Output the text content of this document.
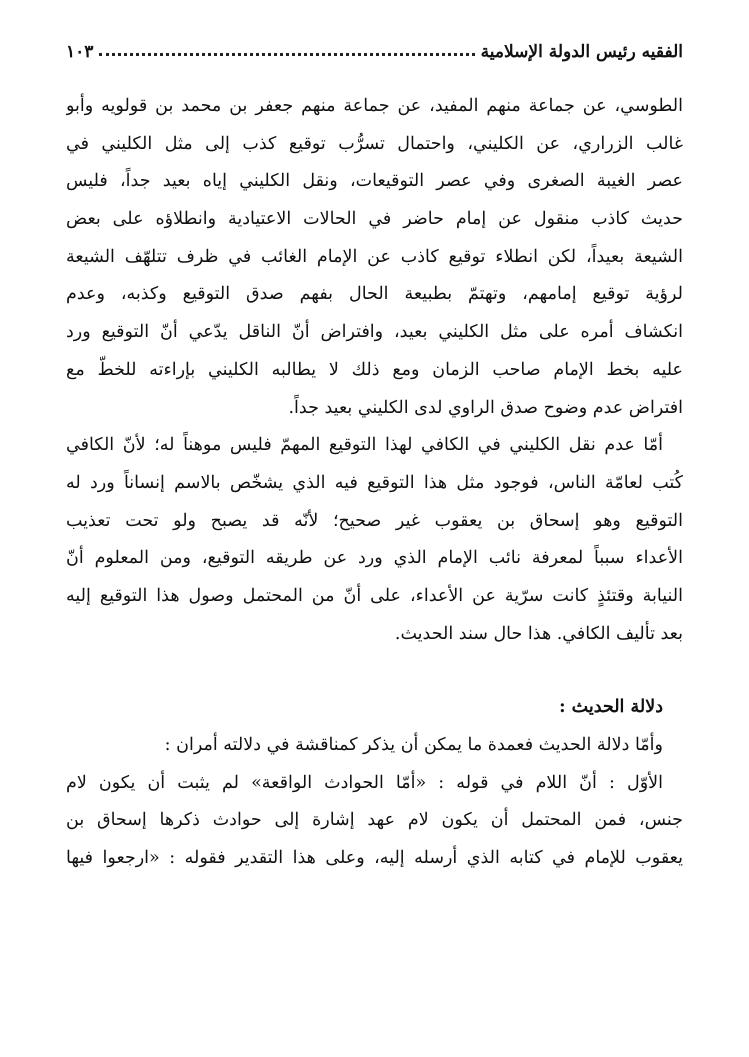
الفقيه رئيس الدولة الإسلامية
١٠٣
الطوسي، عن جماعة منهم المفيد، عن جماعة منهم جعفر بن محمد بن قولويه وأبو
غالب الزراري، عن الكليني، واحتمال تسرُّب توقيع كذب إلى مثل الكليني في
عصر الغيبة الصغرى وفي عصر التوقيعات، ونقل الكليني إياه بعيد جداً، فليس
حديث كاذب منقول عن إمام حاضر في الحالات الاعتيادية وانطلاؤه على بعض
الشيعة بعيداً، لكن انطلاء توقيع كاذب عن الإمام الغائب في ظرف تتلهّف الشيعة
لرؤية توقيع إمامهم، وتهتمّ بطبيعة الحال بفهم صدق التوقيع وكذبه، وعدم
انكشاف أمره على مثل الكليني بعيد، وافتراض أنّ الناقل يدّعي أنّ التوقيع ورد
عليه بخط الإمام صاحب الزمان ومع ذلك لا يطالبه الكليني بإراءته للخطّ مع
افتراض عدم وضوح صدق الراوي لدى الكليني بعيد جداً.
أمّا عدم نقل الكليني في الكافي لهذا التوقيع المهمّ فليس موهناً له؛ لأنّ الكافي
كُتب لعامّة الناس، فوجود مثل هذا التوقيع فيه الذي يشخّص بالاسم إنساناً ورد له
التوقيع وهو إسحاق بن يعقوب غير صحيح؛ لأنّه قد يصبح ولو تحت تعذيب
الأعداء سبباً لمعرفة نائب الإمام الذي ورد عن طريقه التوقيع، ومن المعلوم أنّ
النيابة وقتئذٍ كانت سرّية عن الأعداء، على أنّ من المحتمل وصول هذا التوقيع إليه
بعد تأليف الكافي. هذا حال سند الحديث.
دلالة الحديث :
وأمّا دلالة الحديث فعمدة ما يمكن أن يذكر كمناقشة في دلالته أمران :
الأوّل : أنّ اللام في قوله : «أمّا الحوادث الواقعة» لم يثبت أن يكون لام
جنس، فمن المحتمل أن يكون لام عهد إشارة إلى حوادث ذكرها إسحاق بن
يعقوب للإمام في كتابه الذي أرسله إليه، وعلى هذا التقدير فقوله : «ارجعوا فيها
